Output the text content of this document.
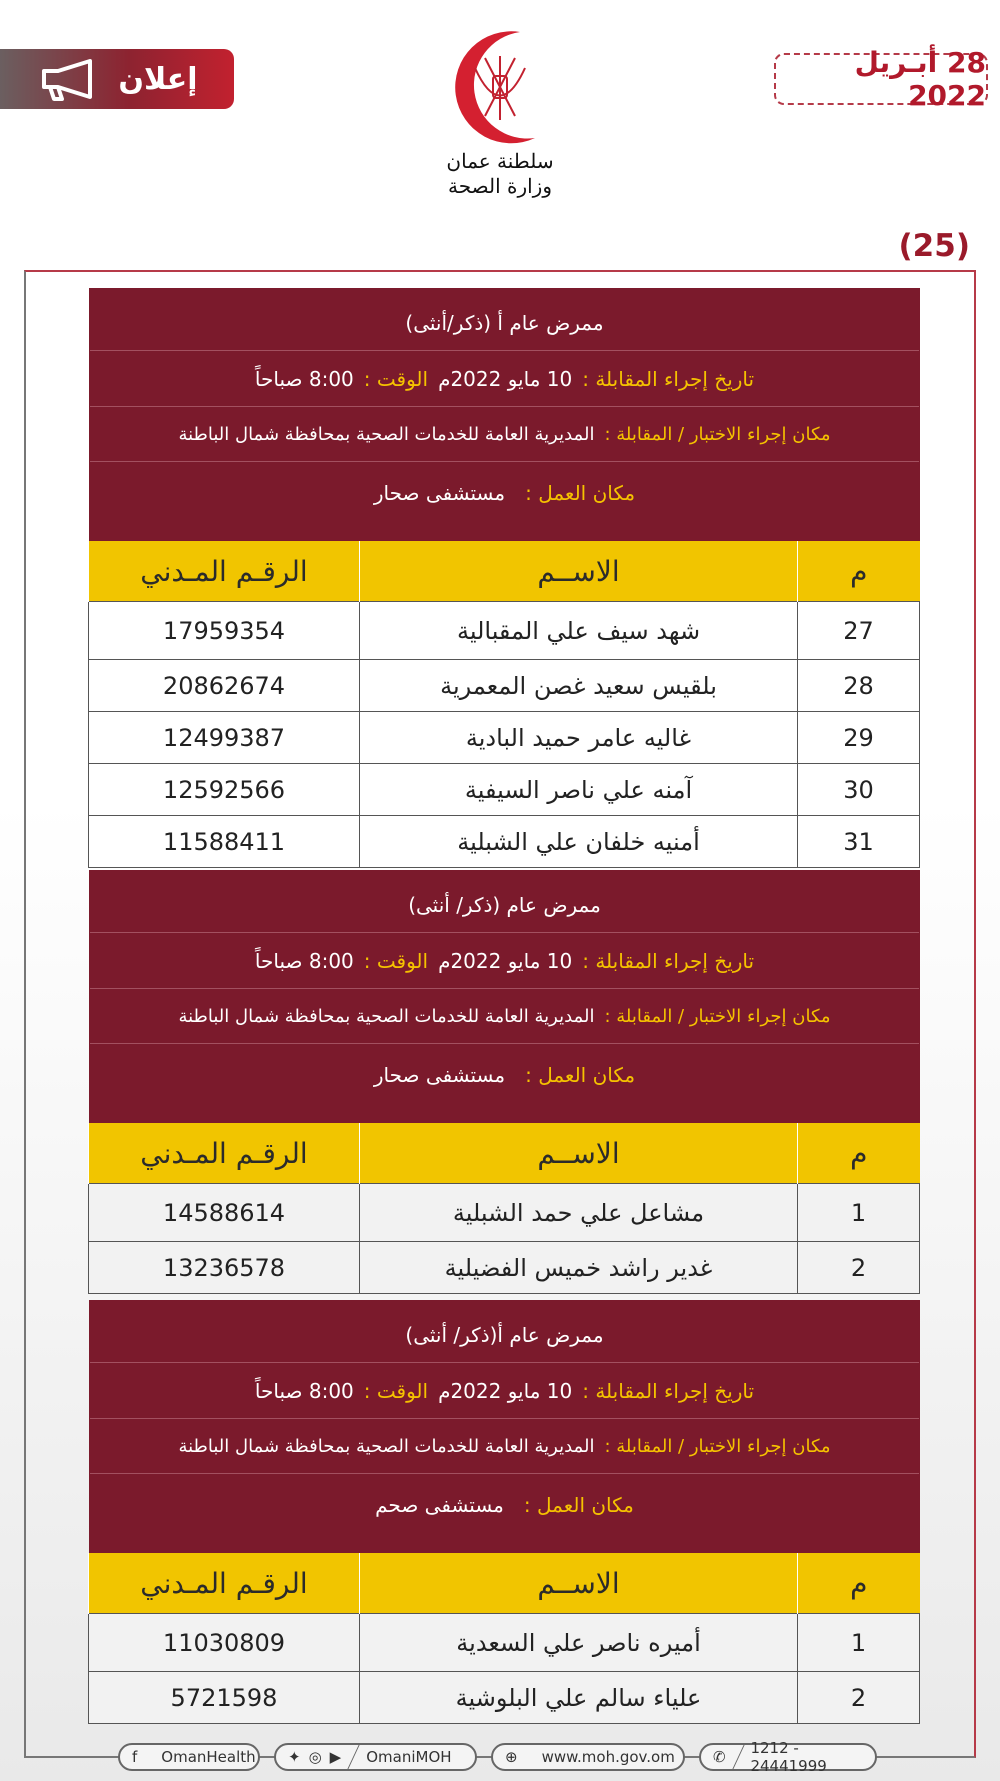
إعلان	28 أبـريل 2022
سلطنة عمان
وزارة الصحة
(25)
ممرض عام أ (ذكر/أنثى)
تاريخ إجراء المقابلة :
10 مايو 2022م
الوقت :
8:00 صباحاً
مكان إجراء الاختبار / المقابلة :
المديرية العامة للخدمات الصحية بمحافظة شمال الباطنة
مكان العمل :
مستشفى صحار
م	الاســم	الرقـم المـدني
27	شهد سيف علي المقبالية	17959354
28	بلقيس سعيد غصن المعمرية	20862674
29	غاليه عامر حميد البادية	12499387
30	آمنه علي ناصر السيفية	12592566
31	أمنيه خلفان علي الشبلية	11588411
ممرض عام (ذكر/ أنثى)
تاريخ إجراء المقابلة :
10 مايو 2022م
الوقت :
8:00 صباحاً
مكان إجراء الاختبار / المقابلة :
المديرية العامة للخدمات الصحية بمحافظة شمال الباطنة
مكان العمل :
مستشفى صحار
م	الاســم	الرقـم المـدني
1	مشاعل علي حمد الشبلية	14588614
2	غدير راشد خميس الفضيلية	13236578
ممرض عام أ(ذكر/ أنثى)
تاريخ إجراء المقابلة :
10 مايو 2022م
الوقت :
8:00 صباحاً
مكان إجراء الاختبار / المقابلة :
المديرية العامة للخدمات الصحية بمحافظة شمال الباطنة
مكان العمل :
مستشفى صحم
م	الاســم	الرقـم المـدني
1	أميره ناصر علي السعدية	11030809
2	علياء سالم علي البلوشية	5721598
f OmanHealth ✦ ◎ ▶ OmaniMOH	⊕ www.moh.gov.om	✆ 1212 - 24441999
